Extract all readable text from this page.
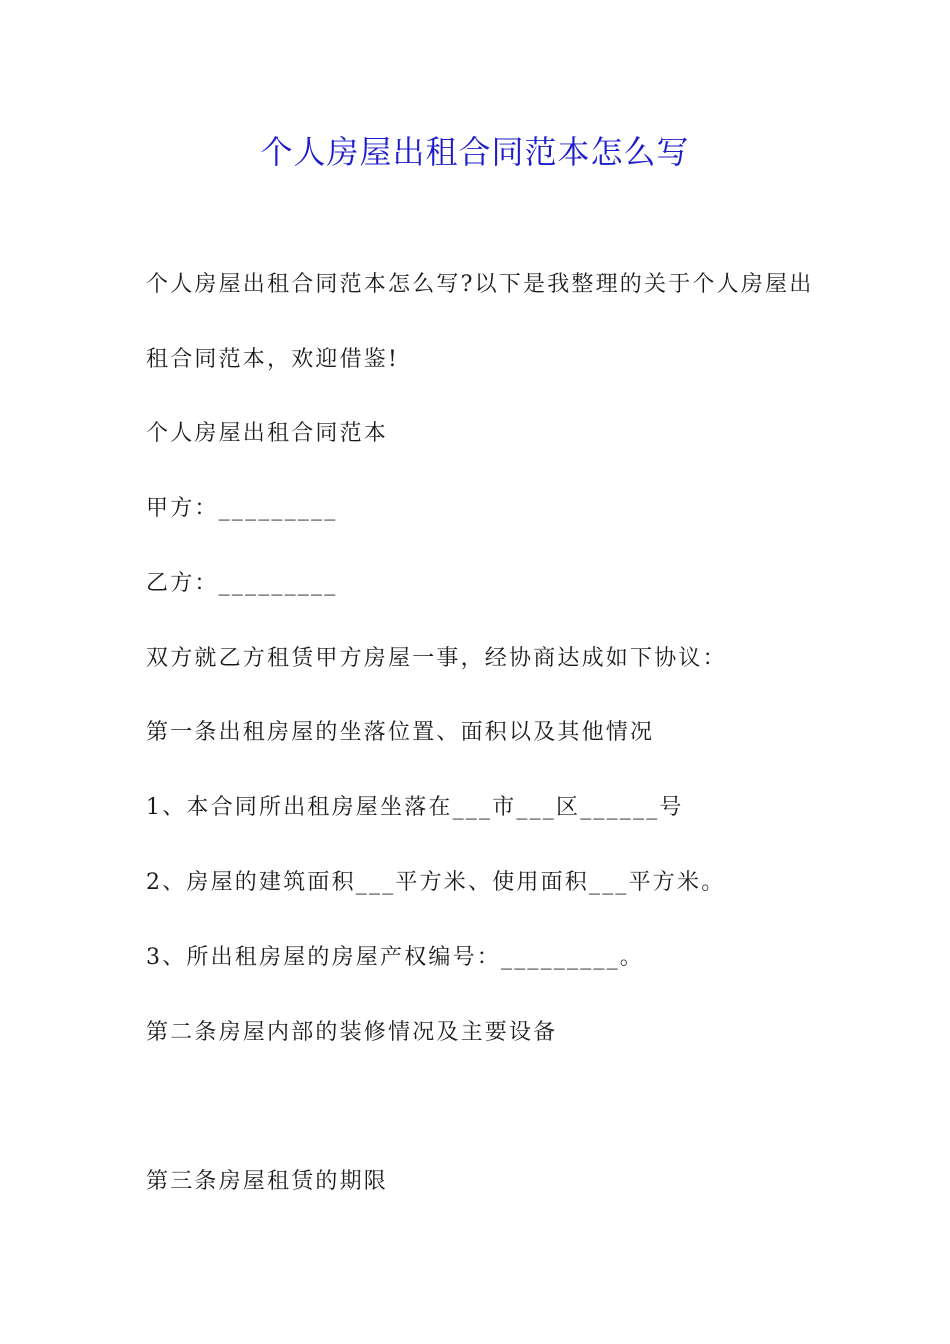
个人房屋出租合同范本怎么写

个人房屋出租合同范本怎么写?以下是我整理的关于个人房屋出

租合同范本，欢迎借鉴!

个人房屋出租合同范本

甲方：_________

乙方：_________

双方就乙方租赁甲方房屋一事，经协商达成如下协议：

第一条出租房屋的坐落位置、面积以及其他情况

1、本合同所出租房屋坐落在___市___区______号

2、房屋的建筑面积___平方米、使用面积___平方米。

3、所出租房屋的房屋产权编号：_________。

第二条房屋内部的装修情况及主要设备

第三条房屋租赁的期限
